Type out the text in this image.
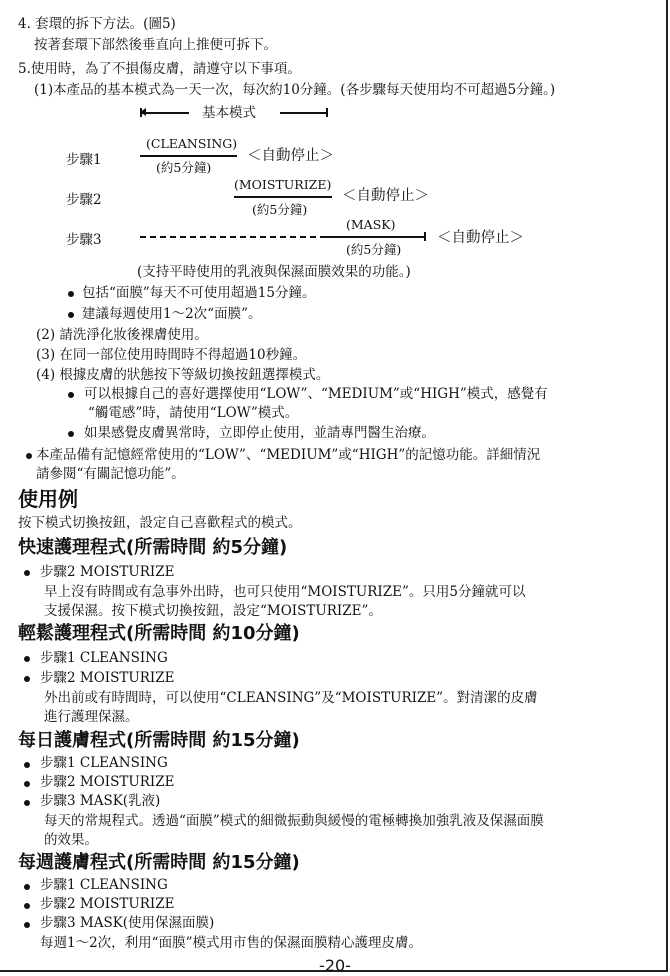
4. 套環的拆下方法。(圖5)
按著套環下部然後垂直向上推便可拆下。
5.使用時，為了不損傷皮膚，請遵守以下事項。
(1)本產品的基本模式為一天一次，每次約10分鐘。(各步驟每天使用均不可超過5分鐘。)
基本模式
步驟1
(CLEANSING)
(約5分鐘)
＜自動停止＞
步驟2
(MOISTURIZE)
(約5分鐘)
＜自動停止＞
步驟3
(MASK)
(約5分鐘)
＜自動停止＞
(支持平時使用的乳液與保濕面膜效果的功能。)
包括“面膜”每天不可使用超過15分鐘。
建議每週使用1～2次“面膜”。
(2) 請洗淨化妝後裸膚使用。
(3) 在同一部位使用時間時不得超過10秒鐘。
(4) 根據皮膚的狀態按下等級切換按鈕選擇模式。
可以根據自己的喜好選擇使用“LOW”、“MEDIUM”或“HIGH”模式，感覺有
“觸電感”時，請使用“LOW”模式。
如果感覺皮膚異常時，立即停止使用，並請專門醫生治療。
本產品備有記憶經常使用的“LOW”、“MEDIUM”或“HIGH”的記憶功能。詳細情況
請參閱“有關記憶功能”。
使用例
按下模式切換按鈕，設定自己喜歡程式的模式。
快速護理程式(所需時間 約5分鐘)
步驟2 MOISTURIZE
早上沒有時間或有急事外出時，也可只使用“MOISTURIZE”。只用5分鐘就可以
支援保濕。按下模式切換按鈕，設定“MOISTURIZE”。
輕鬆護理程式(所需時間 約10分鐘)
步驟1 CLEANSING
步驟2 MOISTURIZE
外出前或有時間時，可以使用“CLEANSING”及“MOISTURIZE”。對清潔的皮膚
進行護理保濕。
每日護膚程式(所需時間 約15分鐘)
步驟1 CLEANSING
步驟2 MOISTURIZE
步驟3 MASK(乳液)
每天的常規程式。透過“面膜”模式的細微振動與緩慢的電極轉換加強乳液及保濕面膜
的效果。
每週護膚程式(所需時間 約15分鐘)
步驟1 CLEANSING
步驟2 MOISTURIZE
步驟3 MASK(使用保濕面膜)
每週1～2次，利用“面膜”模式用市售的保濕面膜精心護理皮膚。
-20-
